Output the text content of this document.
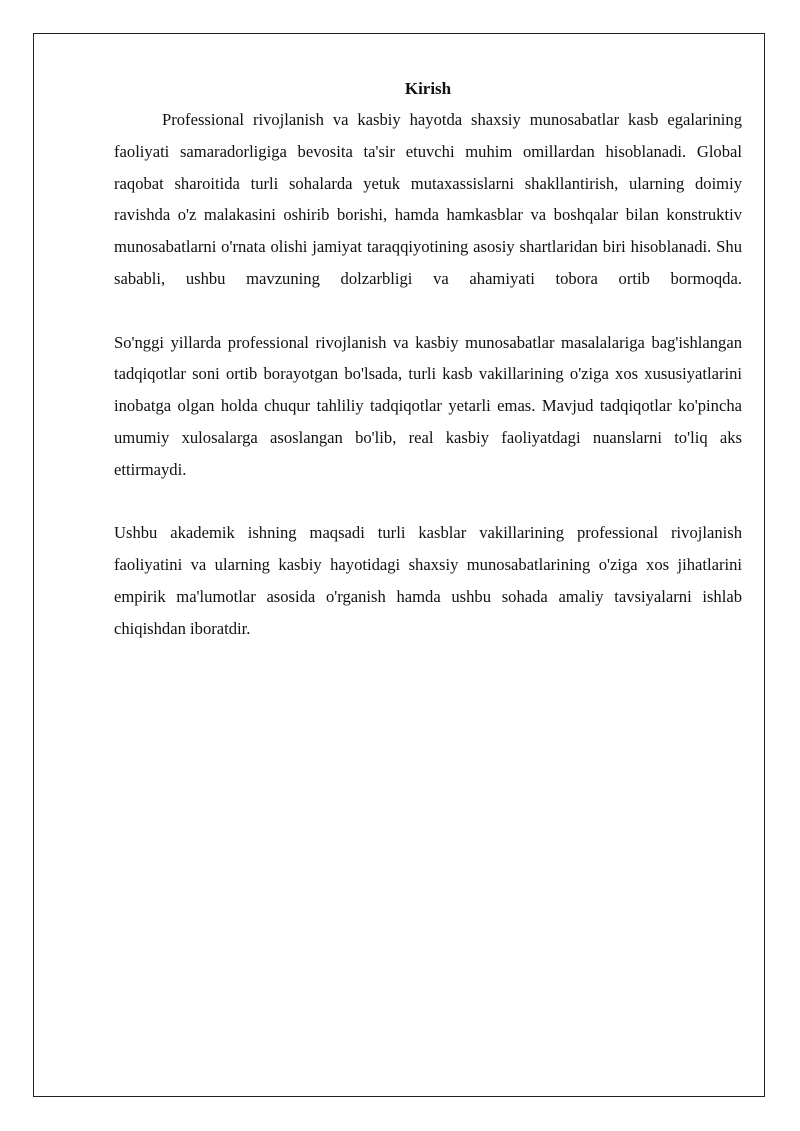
Kirish

Professional rivojlanish va kasbiy hayotda shaxsiy munosabatlar kasb egalarining faoliyati samaradorligiga bevosita ta'sir etuvchi muhim omillardan hisoblanadi. Global raqobat sharoitida turli sohalarda yetuk mutaxassislarni shakllantirish, ularning doimiy ravishda o'z malakasini oshirib borishi, hamda hamkasblar va boshqalar bilan konstruktiv munosabatlarni o'rnata olishi jamiyat taraqqiyotining asosiy shartlaridan biri hisoblanadi. Shu sababli, ushbu mavzuning dolzarbligi va ahamiyati tobora ortib bormoqda.

So'nggi yillarda professional rivojlanish va kasbiy munosabatlar masalalariga bag'ishlangan tadqiqotlar soni ortib borayotgan bo'lsada, turli kasb vakillarining o'ziga xos xususiyatlarini inobatga olgan holda chuqur tahliliy tadqiqotlar yetarli emas. Mavjud tadqiqotlar ko'pincha umumiy xulosalarga asoslangan bo'lib, real kasbiy faoliyatdagi nuanslarni to'liq aks ettirmaydi.

Ushbu akademik ishning maqsadi turli kasblar vakillarining professional rivojlanish faoliyatini va ularning kasbiy hayotidagi shaxsiy munosabatlarining o'ziga xos jihatlarini empirik ma'lumotlar asosida o'rganish hamda ushbu sohada amaliy tavsiyalarni ishlab chiqishdan iboratdir.
